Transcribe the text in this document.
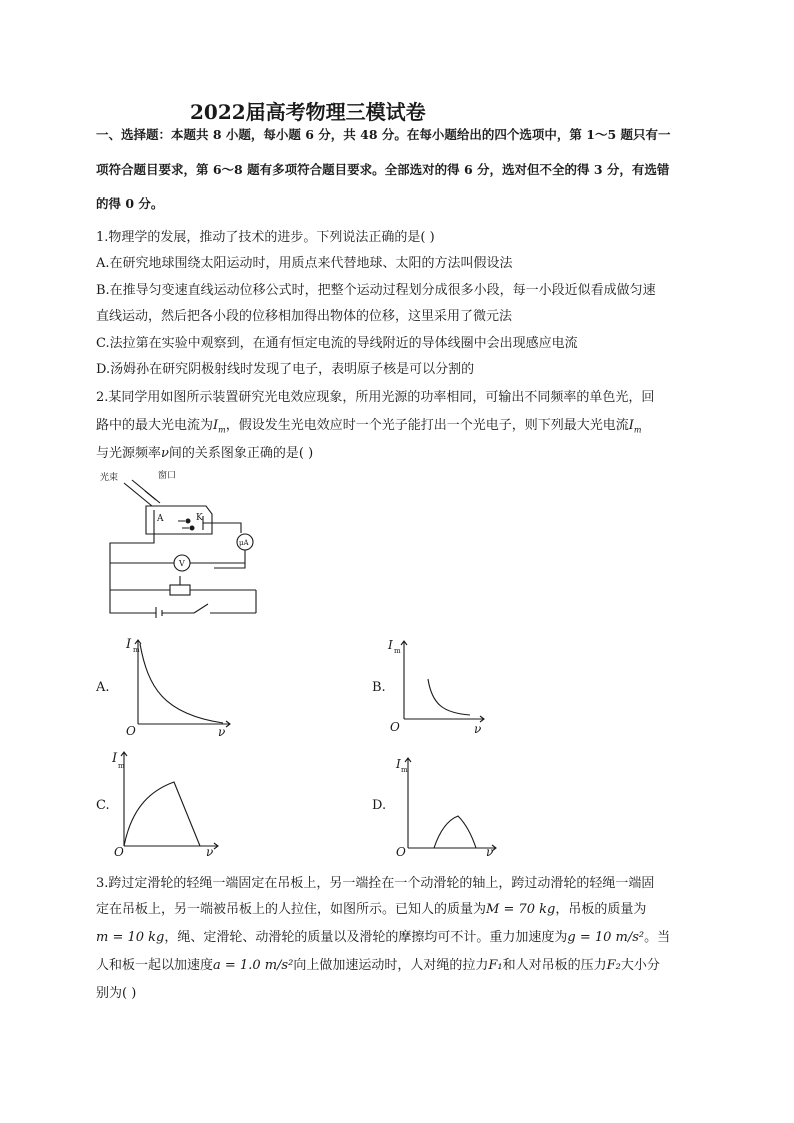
2022届高考物理三模试卷
一、选择题：本题共 8 小题，每小题 6 分，共 48 分。在每小题给出的四个选项中，第 1～5 题只有一
项符合题目要求，第 6～8 题有多项符合题目要求。全部选对的得 6 分，选对但不全的得 3 分，有选错
的得 0 分。
1.物理学的发展，推动了技术的进步。下列说法正确的是( )
A.在研究地球围绕太阳运动时，用质点来代替地球、太阳的方法叫假设法
B.在推导匀变速直线运动位移公式时，把整个运动过程划分成很多小段，每一小段近似看成做匀速
直线运动，然后把各小段的位移相加得出物体的位移，这里采用了微元法
C.法拉第在实验中观察到，在通有恒定电流的导线附近的导体线圈中会出现感应电流
D.汤姆孙在研究阴极射线时发现了电子，表明原子核是可以分割的
2.某同学用如图所示装置研究光电效应现象，所用光源的功率相同，可输出不同频率的单色光，回
路中的最大光电流为$I_m$，假设发生光电效应时一个光子能打出一个光电子，则下列最大光电流$I_m$
与光源频率ν间的关系图象正确的是( )
光束	窗口
A	K
V
μA
A.	B.
C.	D.
I m
O	ν
I m
O	ν
I m
O	ν
I m
O	ν
3.跨过定滑轮的轻绳一端固定在吊板上，另一端拴在一个动滑轮的轴上，跨过动滑轮的轻绳一端固
定在吊板上，另一端被吊板上的人拉住，如图所示。已知人的质量为M = 70 kg，吊板的质量为
m = 10 kg，绳、定滑轮、动滑轮的质量以及滑轮的摩擦均可不计。重力加速度为g = 10 m/s²。当
人和板一起以加速度a = 1.0 m/s²向上做加速运动时，人对绳的拉力F₁和人对吊板的压力F₂大小分
别为( )
